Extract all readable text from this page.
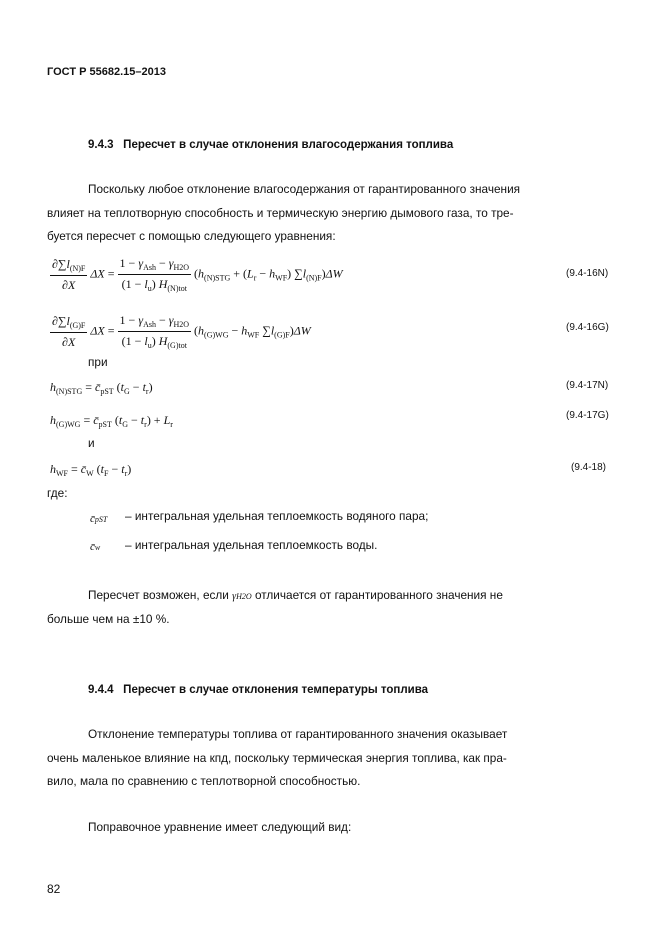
ГОСТ Р 55682.15–2013
9.4.3 Пересчет в случае отклонения влагосодержания топлива
Поскольку любое отклонение влагосодержания от гарантированного значения
влияет на теплотворную способность и термическую энергию дымового газа, то тре-
буется пересчет с помощью следующего уравнения:
$\frac{\partial\sum l_{(N)F}}{\partial X}$ $\Delta X = \frac{1 - \gamma_{Ash} - \gamma_{H2O}}{(1 - l_u) H_{(N)tot}} (h_{(N)STG} + (L_r - h_{WF})$ $\sum l_{(N)F})\Delta W$	(9.4-16N)
$\frac{\partial\sum l_{(G)F}}{\partial X}$ $\Delta X = \frac{1 - \gamma_{Ash} - \gamma_{H2O}}{(1 - l_u) H_{(G)tot}} (h_{(G)WG} - h_{WF}$ $\sum l_{(G)F})\Delta W$	(9.4-16G)
при
$h_{(N)STG}$ = $c̄_{pST}$ $(t_G - t_r)$	(9.4-17N)
$h_{(G)WG}$ = $c̄_{pST}$ $(t_G - t_r) + L_r$
(9.4-17G)
и
$h_{WF}$ = $c̄_W$ $(t_F - t_r)$	(9.4-18)
где:
c̄pST – интегральная удельная теплоемкость водяного пара;
c̄w – интегральная удельная теплоемкость воды.
Пересчет возможен, если γH2O отличается от гарантированного значения не
больше чем на ±10 %.
9.4.4 Пересчет в случае отклонения температуры топлива
Отклонение температуры топлива от гарантированного значения оказывает
очень маленькое влияние на кпд, поскольку термическая энергия топлива, как пра-
вило, мала по сравнению с теплотворной способностью.
Поправочное уравнение имеет следующий вид:
82
